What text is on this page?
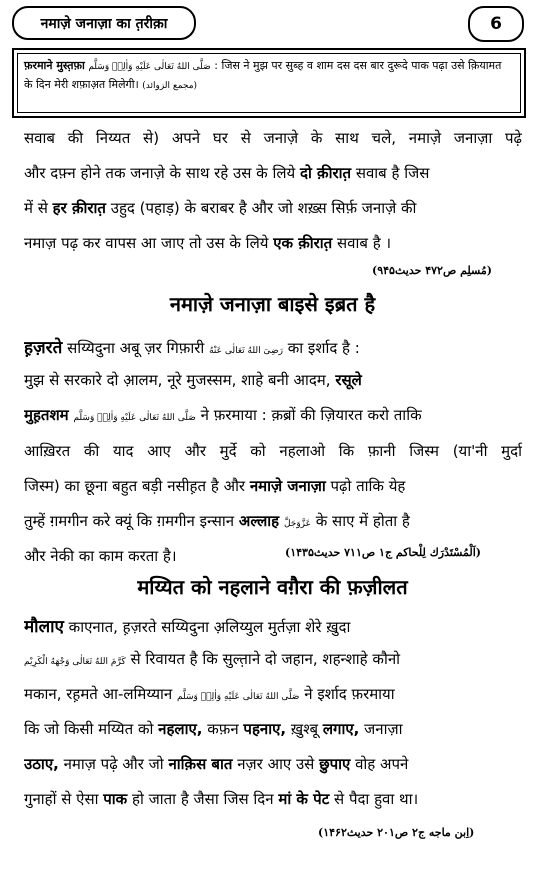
नमाज़े जनाज़ा का त़रीक़ा	6
फ़रमाने मुस्त़फ़ा صَلَّی اللهُ تَعَالٰی عَلَیْهِ وَاٰلِهٖ وَسَلَّم : जिस ने मुझ पर सुब्ह व शाम दस दस बार दुरूदे पाक पढ़ा उसे क़ियामत
के दिन मेरी शफ़ाअ़त मिलेगी। (مجمع الزوائد)
सवाब की निय्यत से) अपने घर से जनाज़े के साथ चले, नमाज़े जनाज़ा पढ़े
और दफ़्न होने तक जनाज़े के साथ रहे उस के लिये दो क़ीरात़ सवाब है जिस
में से हर क़ीरात़ उहुद (पहाड़) के बराबर है और जो शख़्स सिर्फ़ जनाज़े की
नमाज़ पढ़ कर वापस आ जाए तो उस के लिये एक क़ीरात़ सवाब है ।
(مُسلِم ص۴۷۲ حدیث۹۴۵)
नमाज़े जनाज़ा बाइसे इब्रत है
ह़ज़रते सय्यिदुना अबू ज़र गिफ़ारी رَضِیَ اللهُ تَعَالٰی عَنْهُ का इर्शाद है :
मुझ से सरकारे दो आ़लम, नूरे मुजस्सम, शाहे बनी आदम, रसूले
मुह़तशम صَلَّی اللهُ تَعَالٰی عَلَیْهِ وَاٰلِهٖ وَسَلَّم ने फ़रमाया : क़ब्रों की ज़ियारत करो ताकि
आख़िरत की याद आए और मुर्दे को नहलाओ कि फ़ानी जिस्म (या'नी मुर्दा
जिस्म) का छूना बहुत बड़ी नसीह़त है और नमाज़े जनाज़ा पढ़ो ताकि येह
तुम्हें ग़मगीन करे क्यूं कि ग़मगीन इन्सान अल्लाह عَزَّوَجَلَّ के साए में होता है
और नेकी का काम करता है।	(اَلْمُسْتَدْرَك لِلْحاكم ج۱ ص۷۱۱ حديث۱۴۳۵)
मय्यित को नहलाने वग़ैरा की फ़ज़ीलत
मौलाए काएनात, ह़ज़रते सय्यिदुना अ़लिय्युल मुर्तज़ा शेरे ख़ुदा
كَرَّمَ اللهُ تَعَالٰی وَجْهَهُ الْكَرِيْم से रिवायत है कि सुल्त़ाने दो जहान, शहन्शाहे कौनो
मकान, रह़मते आ-लमिय्यान صَلَّی اللهُ تَعَالٰی عَلَیْهِ وَاٰلِهٖ وَسَلَّم ने इर्शाद फ़रमाया
कि जो किसी मय्यित को नहलाए, कफ़न पहनाए, ख़ुश्बू लगाए, जनाज़ा
उठाए, नमाज़ पढ़े और जो नाक़िस बात नज़र आए उसे छुपाए वोह अपने
गुनाहों से ऐसा पाक हो जाता है जैसा जिस दिन मां के पेट से पैदा हुवा था।
(اِبن ماجه ج۲ ص۲۰۱ حدیث۱۴۶۲)
